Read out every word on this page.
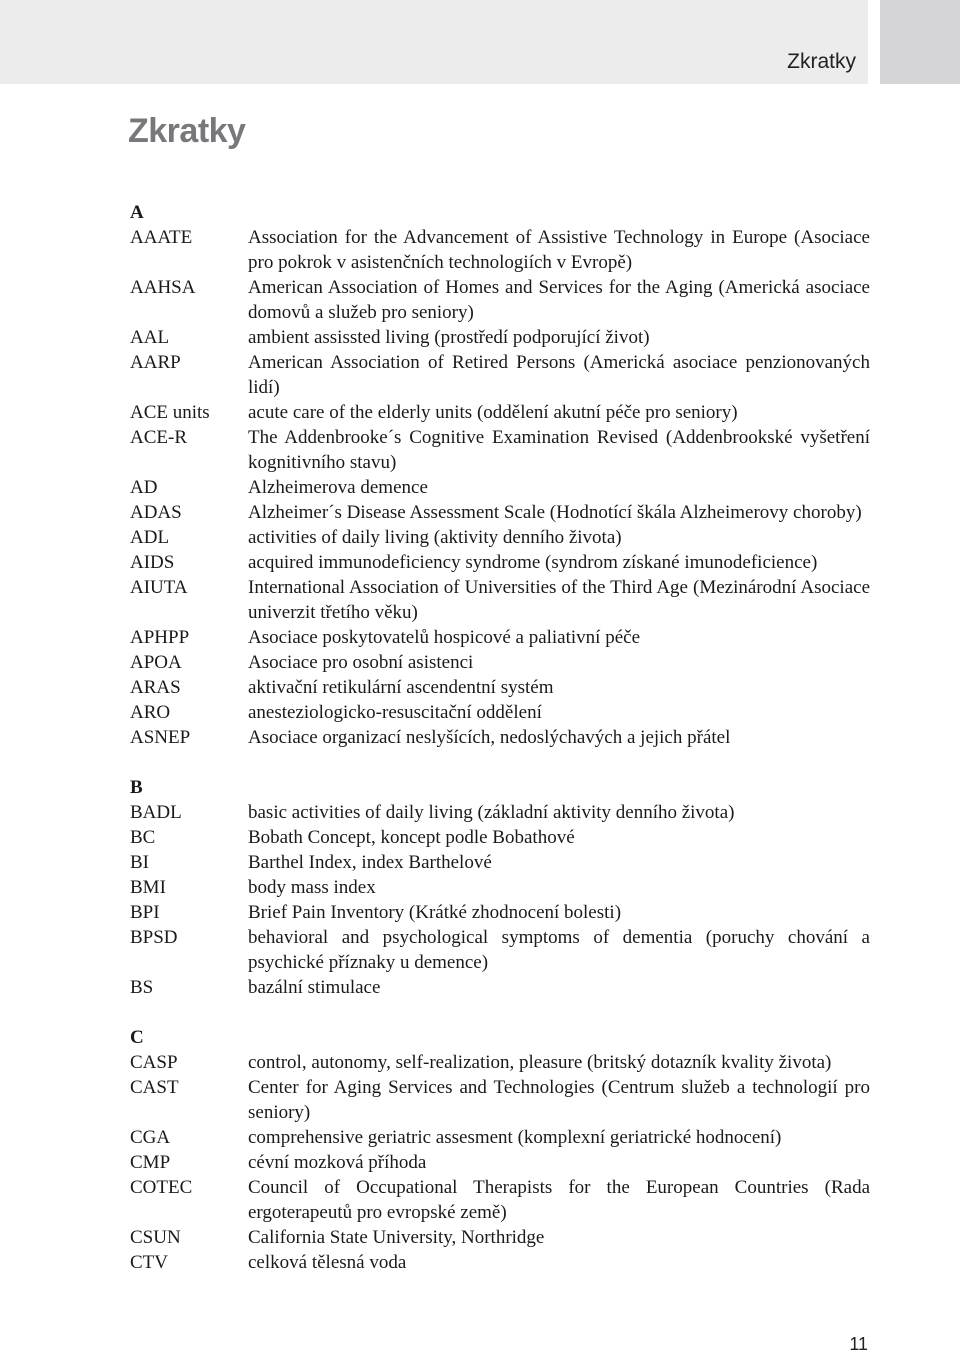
Zkratky
Zkratky
A
AAATE	Association for the Advancement of Assistive Technology in Europe (Asociace pro pokrok v asistenčních technologiích v Evropě)
AAHSA	American Association of Homes and Services for the Aging (Americká asociace domovů a služeb pro seniory)
AAL	ambient assissted living (prostředí podporující život)
AARP	American Association of Retired Persons (Americká asociace penzionovaných lidí)
ACE units	acute care of the elderly units (oddělení akutní péče pro seniory)
ACE-R	The Addenbrooke´s Cognitive Examination Revised (Addenbrookské vyšetření kognitivního stavu)
AD	Alzheimerova demence
ADAS	Alzheimer´s Disease Assessment Scale (Hodnotící škála Alzheimerovy choroby)
ADL	activities of daily living (aktivity denního života)
AIDS	acquired immunodeficiency syndrome (syndrom získané imunodeficience)
AIUTA	International Association of Universities of the Third Age (Mezinárodní Asociace univerzit třetího věku)
APHPP	Asociace poskytovatelů hospicové a paliativní péče
APOA	Asociace pro osobní asistenci
ARAS	aktivační retikulární ascendentní systém
ARO	anesteziologicko-resuscitační oddělení
ASNEP	Asociace organizací neslyšících, nedoslýchavých a jejich přátel
B
BADL	basic activities of daily living (základní aktivity denního života)
BC	Bobath Concept, koncept podle Bobathové
BI	Barthel Index, index Barthelové
BMI	body mass index
BPI	Brief Pain Inventory (Krátké zhodnocení bolesti)
BPSD	behavioral and psychological symptoms of dementia (poruchy chování a psychické příznaky u demence)
BS	bazální stimulace
C
CASP	control, autonomy, self-realization, pleasure (britský dotazník kvality života)
CAST	Center for Aging Services and Technologies (Centrum služeb a technologií pro seniory)
CGA	comprehensive geriatric assesment (komplexní geriatrické hodnocení)
CMP	cévní mozková příhoda
COTEC	Council of Occupational Therapists for the European Countries (Rada ergoterapeutů pro evropské země)
CSUN	California State University, Northridge
CTV	celková tělesná voda
11
